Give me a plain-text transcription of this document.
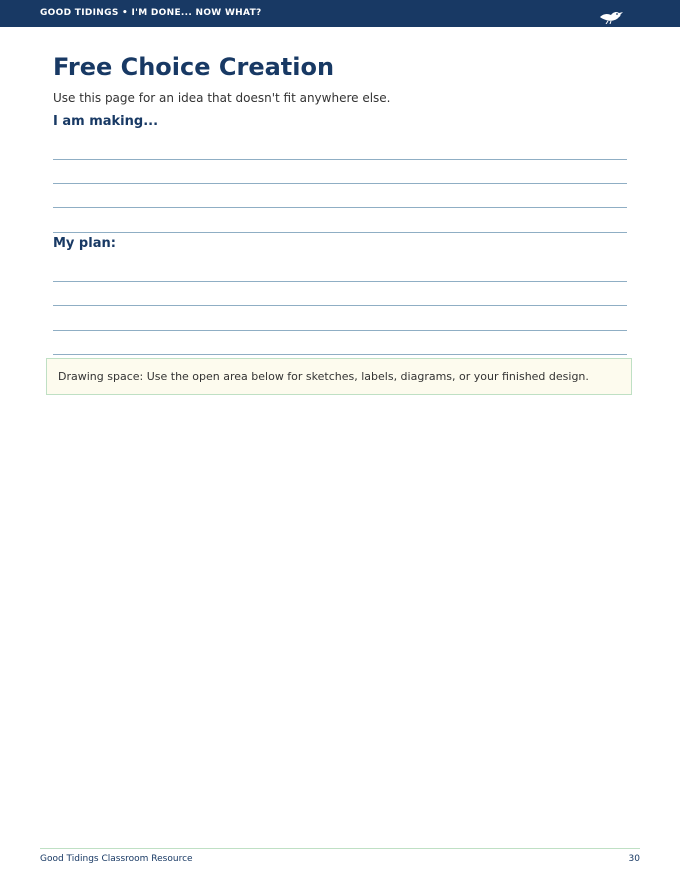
GOOD TIDINGS • I'M DONE... NOW WHAT?
Free Choice Creation
Use this page for an idea that doesn't fit anywhere else.
I am making...
My plan:
Drawing space: Use the open area below for sketches, labels, diagrams, or your finished design.
Good Tidings Classroom Resource	30
